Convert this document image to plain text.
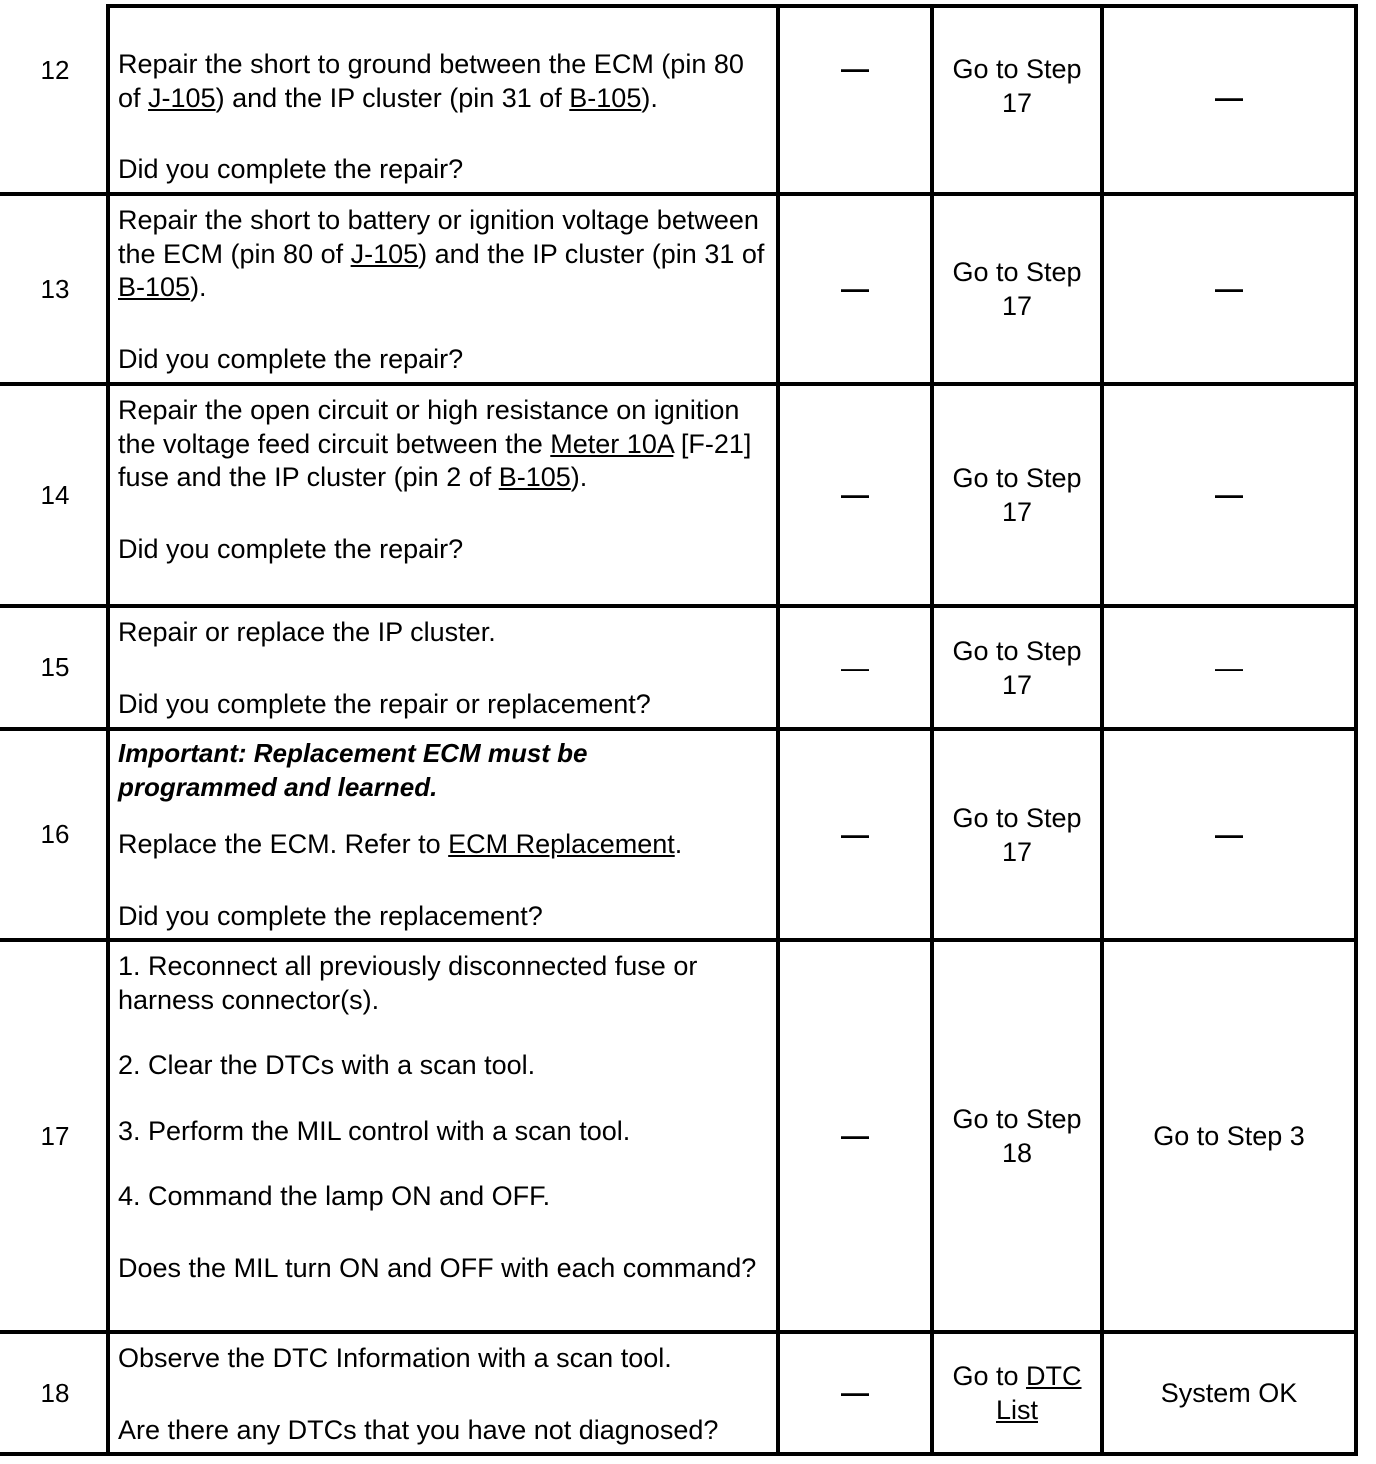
12 Repair the short to ground between the ECM (pin 80 of J-105) and the IP cluster (pin 31 of B-105).

Did you complete the repair?

—	Go to Step 17	—
13

Repair the short to battery or ignition voltage between the ECM (pin 80 of J-105) and the IP cluster (pin 31 of B-105).

Did you complete the repair?

—
Go to Step 17
—
14

Repair the open circuit or high resistance on ignition the voltage feed circuit between the Meter 10A [F-21] fuse and the IP cluster (pin 2 of B-105).

Did you complete the repair?

—
Go to Step 17
—
15

Repair or replace the IP cluster.

Did you complete the repair or replacement?

—
Go to Step 17
—
16

Important: Replacement ECM must be programmed and learned.

Replace the ECM. Refer to ECM Replacement.

Did you complete the replacement?

—
Go to Step 17
—
17

1. Reconnect all previously disconnected fuse or harness connector(s).

2. Clear the DTCs with a scan tool.

3. Perform the MIL control with a scan tool.

4. Command the lamp ON and OFF.

Does the MIL turn ON and OFF with each command?

—
Go to Step 18
Go to Step 3
18

Observe the DTC Information with a scan tool.

Are there any DTCs that you have not diagnosed?

—
Go to DTC List
System OK
